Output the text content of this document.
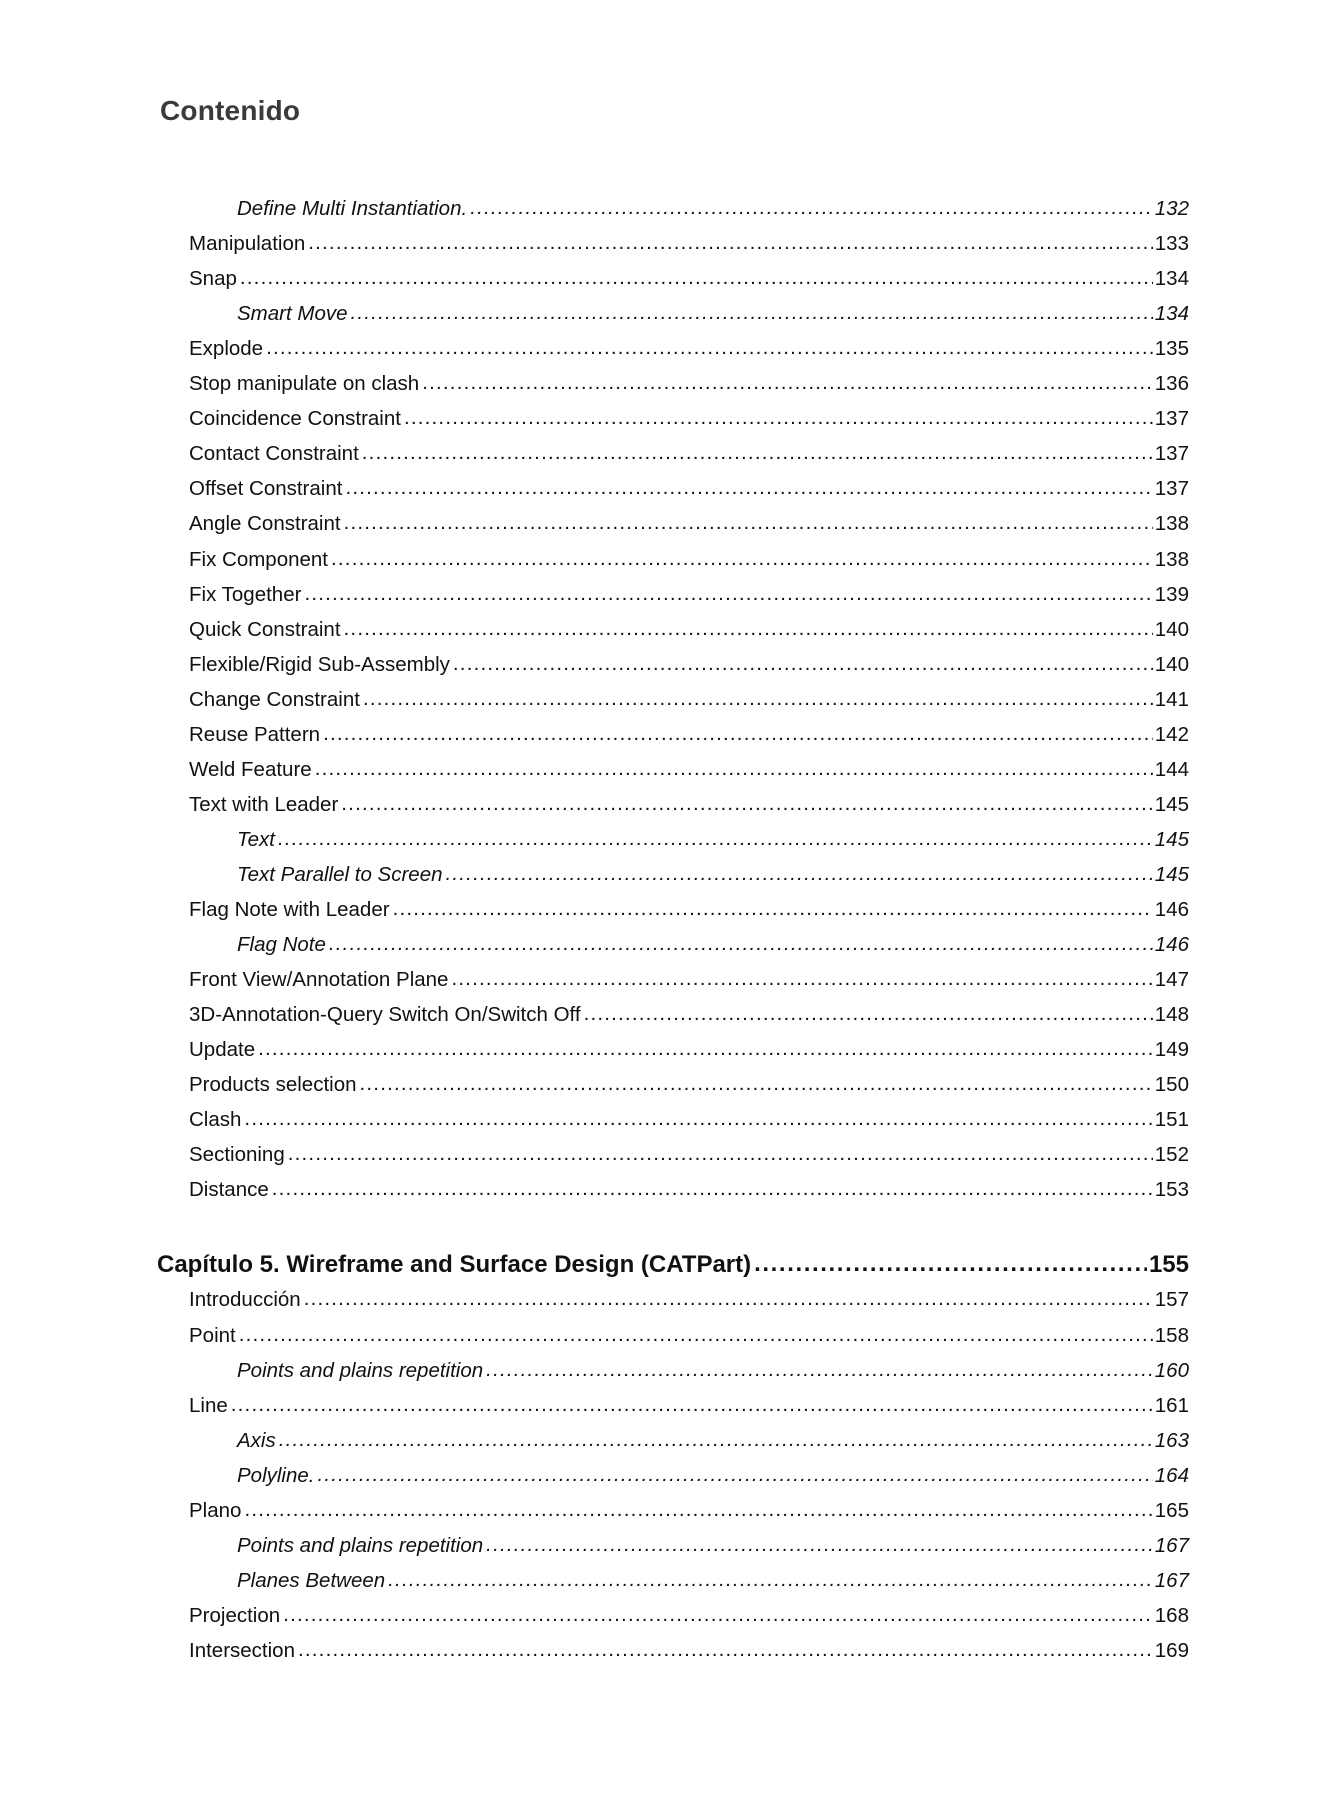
Contenido
Define Multi Instantiation. .....	132
Manipulation .....	133
Snap .....	134
Smart Move .....	134
Explode .....	135
Stop manipulate on clash .....	136
Coincidence Constraint .....	137
Contact Constraint .....	137
Offset Constraint .....	137
Angle Constraint .....	138
Fix Component .....	138
Fix Together .....	139
Quick Constraint .....	140
Flexible/Rigid Sub-Assembly .....	140
Change Constraint .....	141
Reuse Pattern .....	142
Weld Feature .....	144
Text with Leader .....	145
Text .....	145
Text Parallel to Screen .....	145
Flag Note with Leader .....	146
Flag Note .....	146
Front View/Annotation Plane .....	147
3D-Annotation-Query Switch On/Switch Off .....	148
Update .....	149
Products selection .....	150
Clash .....	151
Sectioning .....	152
Distance .....	153
Capítulo 5. Wireframe and Surface Design (CATPart) .....	155
Introducción .....	157
Point .....	158
Points and plains repetition .....	160
Line .....	161
Axis .....	163
Polyline. .....	164
Plano .....	165
Points and plains repetition .....	167
Planes Between .....	167
Projection .....	168
Intersection .....	169
